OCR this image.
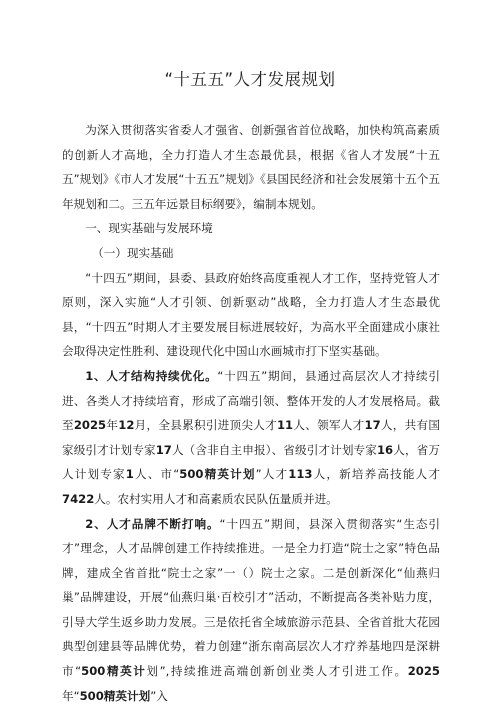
“十五五”人才发展规划

为深入贯彻落实省委人才强省、创新强省首位战略，加快构筑高素质的创新人才高地，全力打造人才生态最优县，根据《省人才发展“十五五”规划》《市人才发展“十五五”规划》《县国民经济和社会发展第十五个五年规划和二。三五年远景目标纲要》，编制本规划。

一、现实基础与发展环境

（一）现实基础

“十四五”期间，县委、县政府始终高度重视人才工作，坚持党管人才原则，深入实施“人才引领、创新驱动”战略，全力打造人才生态最优县，“十四五”时期人才主要发展目标进展较好，为高水平全面建成小康社会取得决定性胜利、建设现代化中国山水画城市打下坚实基础。

1、人才结构持续优化。“十四五”期间，县通过高层次人才持续引进、各类人才持续培育，形成了高端引领、整体开发的人才发展格局。截至2025年12月，全县累积引进顶尖人才11人、领军人才17人，共有国家级引才计划专家17人（含非自主申报）、省级引才计划专家16人，省万人计划专家1人、市“500精英计划”人才113人，新培养高技能人才7422人。农村实用人才和高素质农民队伍量质并进。

2、人才品牌不断打响。“十四五”期间，县深入贯彻落实“生态引才”理念，人才品牌创建工作持续推进。一是全力打造“院士之家”特色品牌，建成全省首批“院士之家”一（）院士之家。二是创新深化“仙燕归巢”品牌建设，开展“仙燕归巢·百校引才”活动，不断提高各类补贴力度，引导大学生返乡助力发展。三是依托省全域旅游示范县、全省首批大花园典型创建县等品牌优势，着力创建“浙东南高层次人才疗养基地四是深耕市“500精英计划”,持续推进高端创新创业类人才引进工作。2025年“500精英计划”入
